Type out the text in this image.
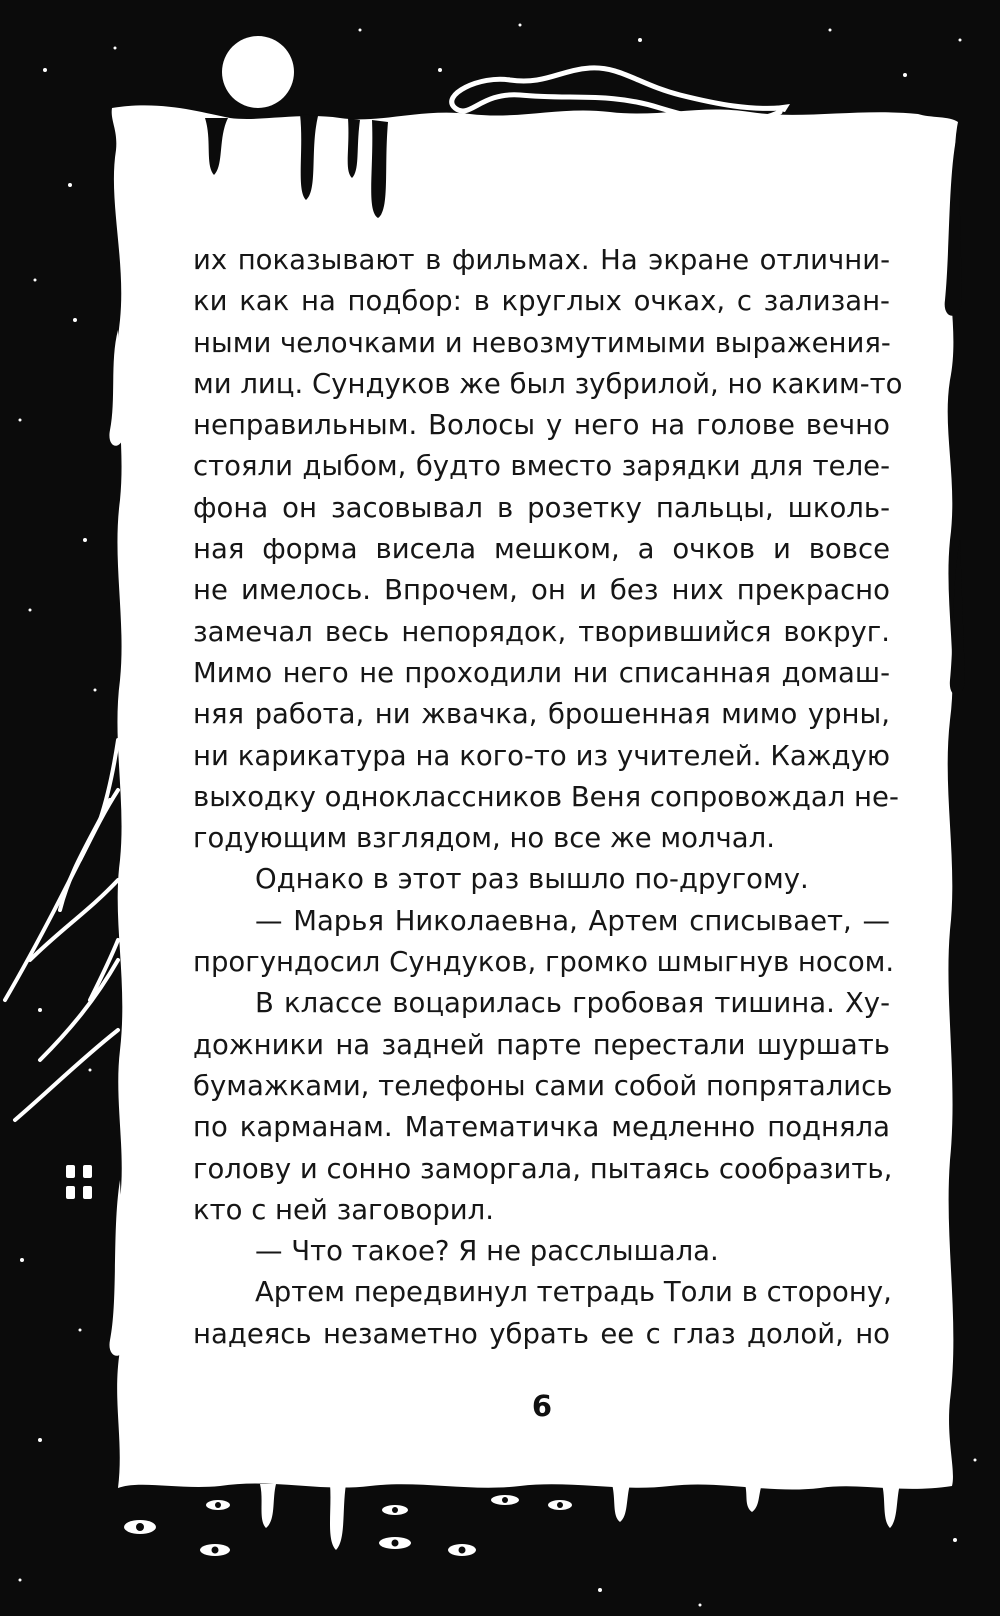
их показывают в фильмах. На экране отлични-
ки как на подбор: в круглых очках, с зализан-
ными челочками и невозмутимыми выражения-
ми лиц. Сундуков же был зубрилой, но каким-то
неправильным. Волосы у него на голове вечно
стояли дыбом, будто вместо зарядки для теле-
фона он засовывал в розетку пальцы, школь-
ная форма висела мешком, а очков и вовсе
не имелось. Впрочем, он и без них прекрасно
замечал весь непорядок, творившийся вокруг.
Мимо него не проходили ни списанная домаш-
няя работа, ни жвачка, брошенная мимо урны,
ни карикатура на кого-то из учителей. Каждую
выходку одноклассников Веня сопровождал не-
годующим взглядом, но все же молчал.
Однако в этот раз вышло по-другому.
— Марья Николаевна, Артем списывает, —
прогундосил Сундуков, громко шмыгнув носом.
В классе воцарилась гробовая тишина. Ху-
дожники на задней парте перестали шуршать
бумажками, телефоны сами собой попрятались
по карманам. Математичка медленно подняла
голову и сонно заморгала, пытаясь сообразить,
кто с ней заговорил.
— Что такое? Я не расслышала.
Артем передвинул тетрадь Толи в сторону,
надеясь незаметно убрать ее с глаз долой, но
6
